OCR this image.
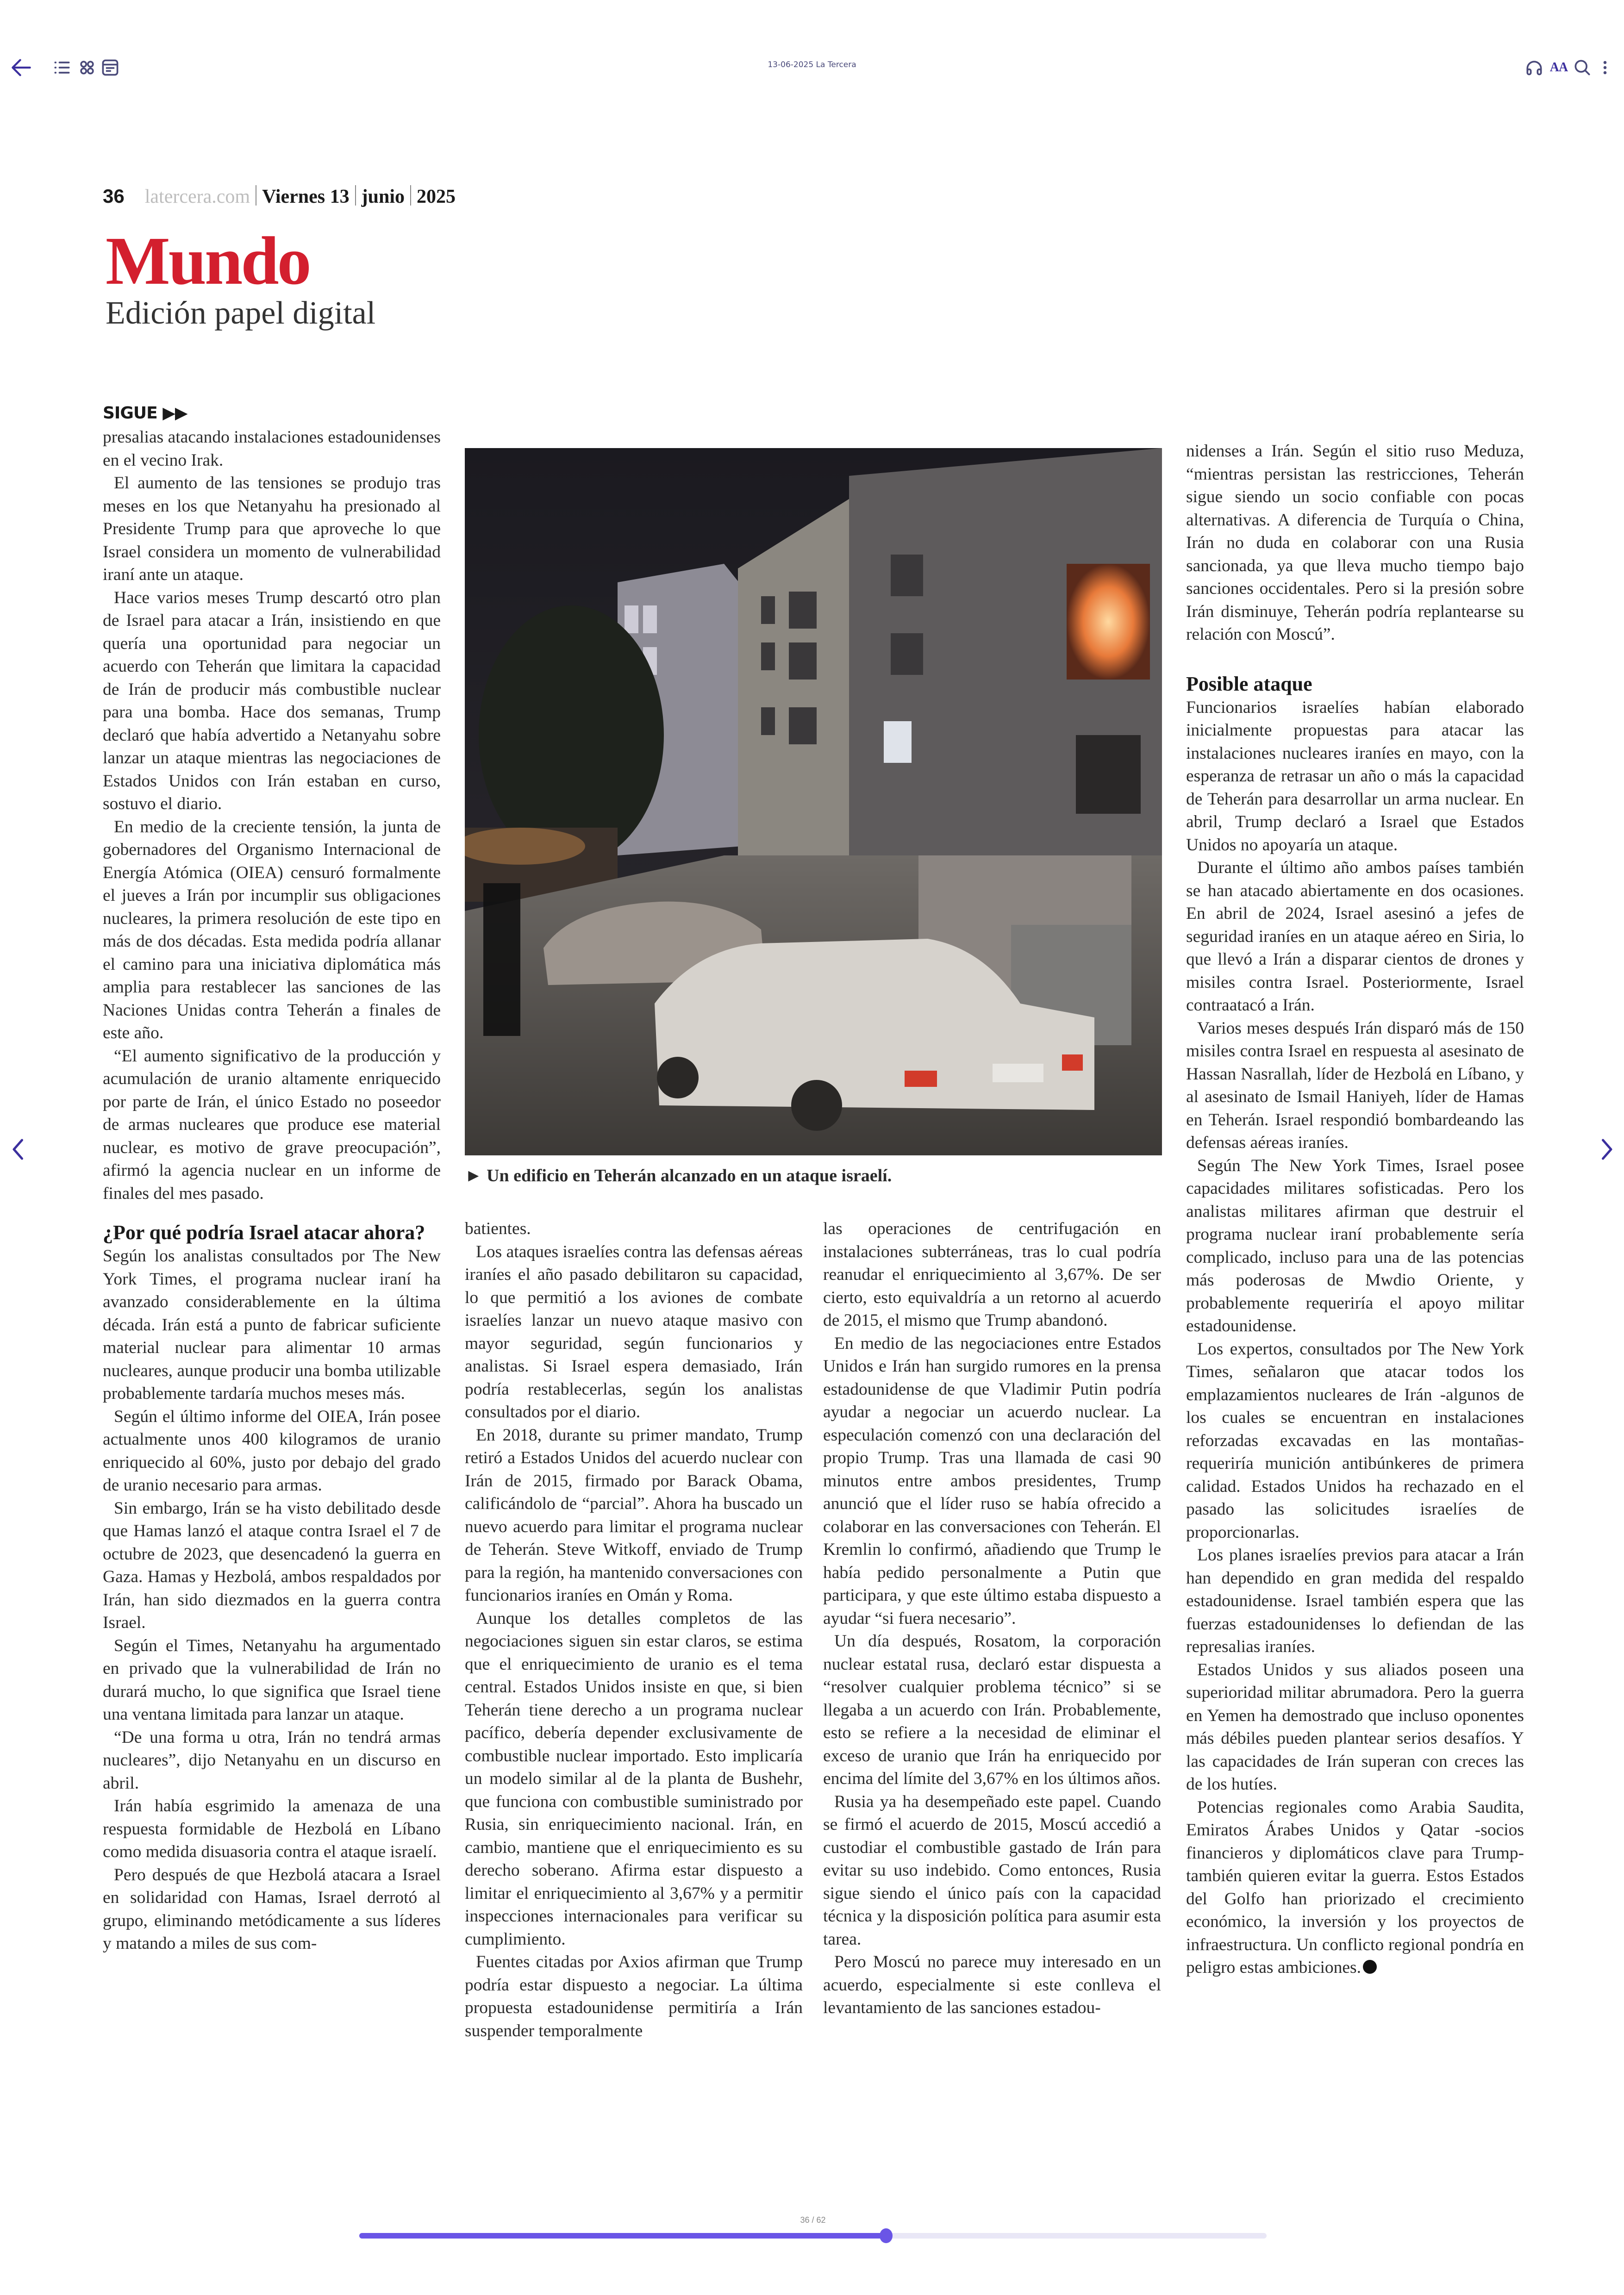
13-06-2025 La Tercera	AA
36 latercera.com Viernes 13 junio 2025
Mundo
Edición papel digital
SIGUE ▶▶

presalias atacando instalaciones estadounidenses en el vecino Irak.

El aumento de las tensiones se produjo tras meses en los que Netanyahu ha presionado al Presidente Trump para que aproveche lo que Israel considera un momento de vulnerabilidad iraní ante un ataque.

Hace varios meses Trump descartó otro plan de Israel para atacar a Irán, insistiendo en que quería una oportunidad para negociar un acuerdo con Teherán que limitara la capacidad de Irán de producir más combustible nuclear para una bomba. Hace dos semanas, Trump declaró que había advertido a Netanyahu sobre lanzar un ataque mientras las negociaciones de Estados Unidos con Irán estaban en curso, sostuvo el diario.

En medio de la creciente tensión, la junta de gobernadores del Organismo Internacional de Energía Atómica (OIEA) censuró formalmente el jueves a Irán por incumplir sus obligaciones nucleares, la primera resolución de este tipo en más de dos décadas. Esta medida podría allanar el camino para una iniciativa diplomática más amplia para restablecer las sanciones de las Naciones Unidas contra Teherán a finales de este año.

“El aumento significativo de la producción y acumulación de uranio altamente enriquecido por parte de Irán, el único Estado no poseedor de armas nucleares que produce ese material nuclear, es motivo de grave preocupación”, afirmó la agencia nuclear en un informe de finales del mes pasado.

¿Por qué podría Israel atacar ahora?

Según los analistas consultados por The New York Times, el programa nuclear iraní ha avanzado considerablemente en la última década. Irán está a punto de fabricar suficiente material nuclear para alimentar 10 armas nucleares, aunque producir una bomba utilizable probablemente tardaría muchos meses más.

Según el último informe del OIEA, Irán posee actualmente unos 400 kilogramos de uranio enriquecido al 60%, justo por debajo del grado de uranio necesario para armas.

Sin embargo, Irán se ha visto debilitado desde que Hamas lanzó el ataque contra Israel el 7 de octubre de 2023, que desencadenó la guerra en Gaza. Hamas y Hezbolá, ambos respaldados por Irán, han sido diezmados en la guerra contra Israel.

Según el Times, Netanyahu ha argumentado en privado que la vulnerabilidad de Irán no durará mucho, lo que significa que Israel tiene una ventana limitada para lanzar un ataque.

“De una forma u otra, Irán no tendrá armas nucleares”, dijo Netanyahu en un discurso en abril.

Irán había esgrimido la amenaza de una respuesta formidable de Hezbolá en Líbano como medida disuasoria contra el ataque israelí.

Pero después de que Hezbolá atacara a Israel en solidaridad con Hamas, Israel derrotó al grupo, eliminando metódicamente a sus líderes y matando a miles de sus com-

► Un edificio en Teherán alcanzado en un ataque israelí.

batientes.

Los ataques israelíes contra las defensas aéreas iraníes el año pasado debilitaron su capacidad, lo que permitió a los aviones de combate israelíes lanzar un nuevo ataque masivo con mayor seguridad, según funcionarios y analistas. Si Israel espera demasiado, Irán podría restablecerlas, según los analistas consultados por el diario.

En 2018, durante su primer mandato, Trump retiró a Estados Unidos del acuerdo nuclear con Irán de 2015, firmado por Barack Obama, calificándolo de “parcial”. Ahora ha buscado un nuevo acuerdo para limitar el programa nuclear de Teherán. Steve Witkoff, enviado de Trump para la región, ha mantenido conversaciones con funcionarios iraníes en Omán y Roma.

Aunque los detalles completos de las negociaciones siguen sin estar claros, se estima que el enriquecimiento de uranio es el tema central. Estados Unidos insiste en que, si bien Teherán tiene derecho a un programa nuclear pacífico, debería depender exclusivamente de combustible nuclear importado. Esto implicaría un modelo similar al de la planta de Bushehr, que funciona con combustible suministrado por Rusia, sin enriquecimiento nacional. Irán, en cambio, mantiene que el enriquecimiento es su derecho soberano. Afirma estar dispuesto a limitar el enriquecimiento al 3,67% y a permitir inspecciones internacionales para verificar su cumplimiento.

Fuentes citadas por Axios afirman que Trump podría estar dispuesto a negociar. La última propuesta estadounidense permitiría a Irán suspender temporalmente

las operaciones de centrifugación en instalaciones subterráneas, tras lo cual podría reanudar el enriquecimiento al 3,67%. De ser cierto, esto equivaldría a un retorno al acuerdo de 2015, el mismo que Trump abandonó.

En medio de las negociaciones entre Estados Unidos e Irán han surgido rumores en la prensa estadounidense de que Vladimir Putin podría ayudar a negociar un acuerdo nuclear. La especulación comenzó con una declaración del propio Trump. Tras una llamada de casi 90 minutos entre ambos presidentes, Trump anunció que el líder ruso se había ofrecido a colaborar en las conversaciones con Teherán. El Kremlin lo confirmó, añadiendo que Trump le había pedido personalmente a Putin que participara, y que este último estaba dispuesto a ayudar “si fuera necesario”.

Un día después, Rosatom, la corporación nuclear estatal rusa, declaró estar dispuesta a “resolver cualquier problema técnico” si se llegaba a un acuerdo con Irán. Probablemente, esto se refiere a la necesidad de eliminar el exceso de uranio que Irán ha enriquecido por encima del límite del 3,67% en los últimos años.

Rusia ya ha desempeñado este papel. Cuando se firmó el acuerdo de 2015, Moscú accedió a custodiar el combustible gastado de Irán para evitar su uso indebido. Como entonces, Rusia sigue siendo el único país con la capacidad técnica y la disposición política para asumir esta tarea.

Pero Moscú no parece muy interesado en un acuerdo, especialmente si este conlleva el levantamiento de las sanciones estadou-

nidenses a Irán. Según el sitio ruso Meduza, “mientras persistan las restricciones, Teherán sigue siendo un socio confiable con pocas alternativas. A diferencia de Turquía o China, Irán no duda en colaborar con una Rusia sancionada, ya que lleva mucho tiempo bajo sanciones occidentales. Pero si la presión sobre Irán disminuye, Teherán podría replantearse su relación con Moscú”.

Posible ataque

Funcionarios israelíes habían elaborado inicialmente propuestas para atacar las instalaciones nucleares iraníes en mayo, con la esperanza de retrasar un año o más la capacidad de Teherán para desarrollar un arma nuclear. En abril, Trump declaró a Israel que Estados Unidos no apoyaría un ataque.

Durante el último año ambos países también se han atacado abiertamente en dos ocasiones. En abril de 2024, Israel asesinó a jefes de seguridad iraníes en un ataque aéreo en Siria, lo que llevó a Irán a disparar cientos de drones y misiles contra Israel. Posteriormente, Israel contraatacó a Irán.

Varios meses después Irán disparó más de 150 misiles contra Israel en respuesta al asesinato de Hassan Nasrallah, líder de Hezbolá en Líbano, y al asesinato de Ismail Haniyeh, líder de Hamas en Teherán. Israel respondió bombardeando las defensas aéreas iraníes.

Según The New York Times, Israel posee capacidades militares sofisticadas. Pero los analistas militares afirman que destruir el programa nuclear iraní probablemente sería complicado, incluso para una de las potencias más poderosas de Mwdio Oriente, y probablemente requeriría el apoyo militar estadounidense.

Los expertos, consultados por The New York Times, señalaron que atacar todos los emplazamientos nucleares de Irán -algunos de los cuales se encuentran en instalaciones reforzadas excavadas en las montañas- requeriría munición antibúnkeres de primera calidad. Estados Unidos ha rechazado en el pasado las solicitudes israelíes de proporcionarlas.

Los planes israelíes previos para atacar a Irán han dependido en gran medida del respaldo estadounidense. Israel también espera que las fuerzas estadounidenses lo defiendan de las represalias iraníes.

Estados Unidos y sus aliados poseen una superioridad militar abrumadora. Pero la guerra en Yemen ha demostrado que incluso oponentes más débiles pueden plantear serios desafíos. Y las capacidades de Irán superan con creces las de los hutíes.

Potencias regionales como Arabia Saudita, Emiratos Árabes Unidos y Qatar -socios financieros y diplomáticos clave para Trump- también quieren evitar la guerra. Estos Estados del Golfo han priorizado el crecimiento económico, la inversión y los proyectos de infraestructura. Un conflicto regional pondría en peligro estas ambiciones.

36 / 62
